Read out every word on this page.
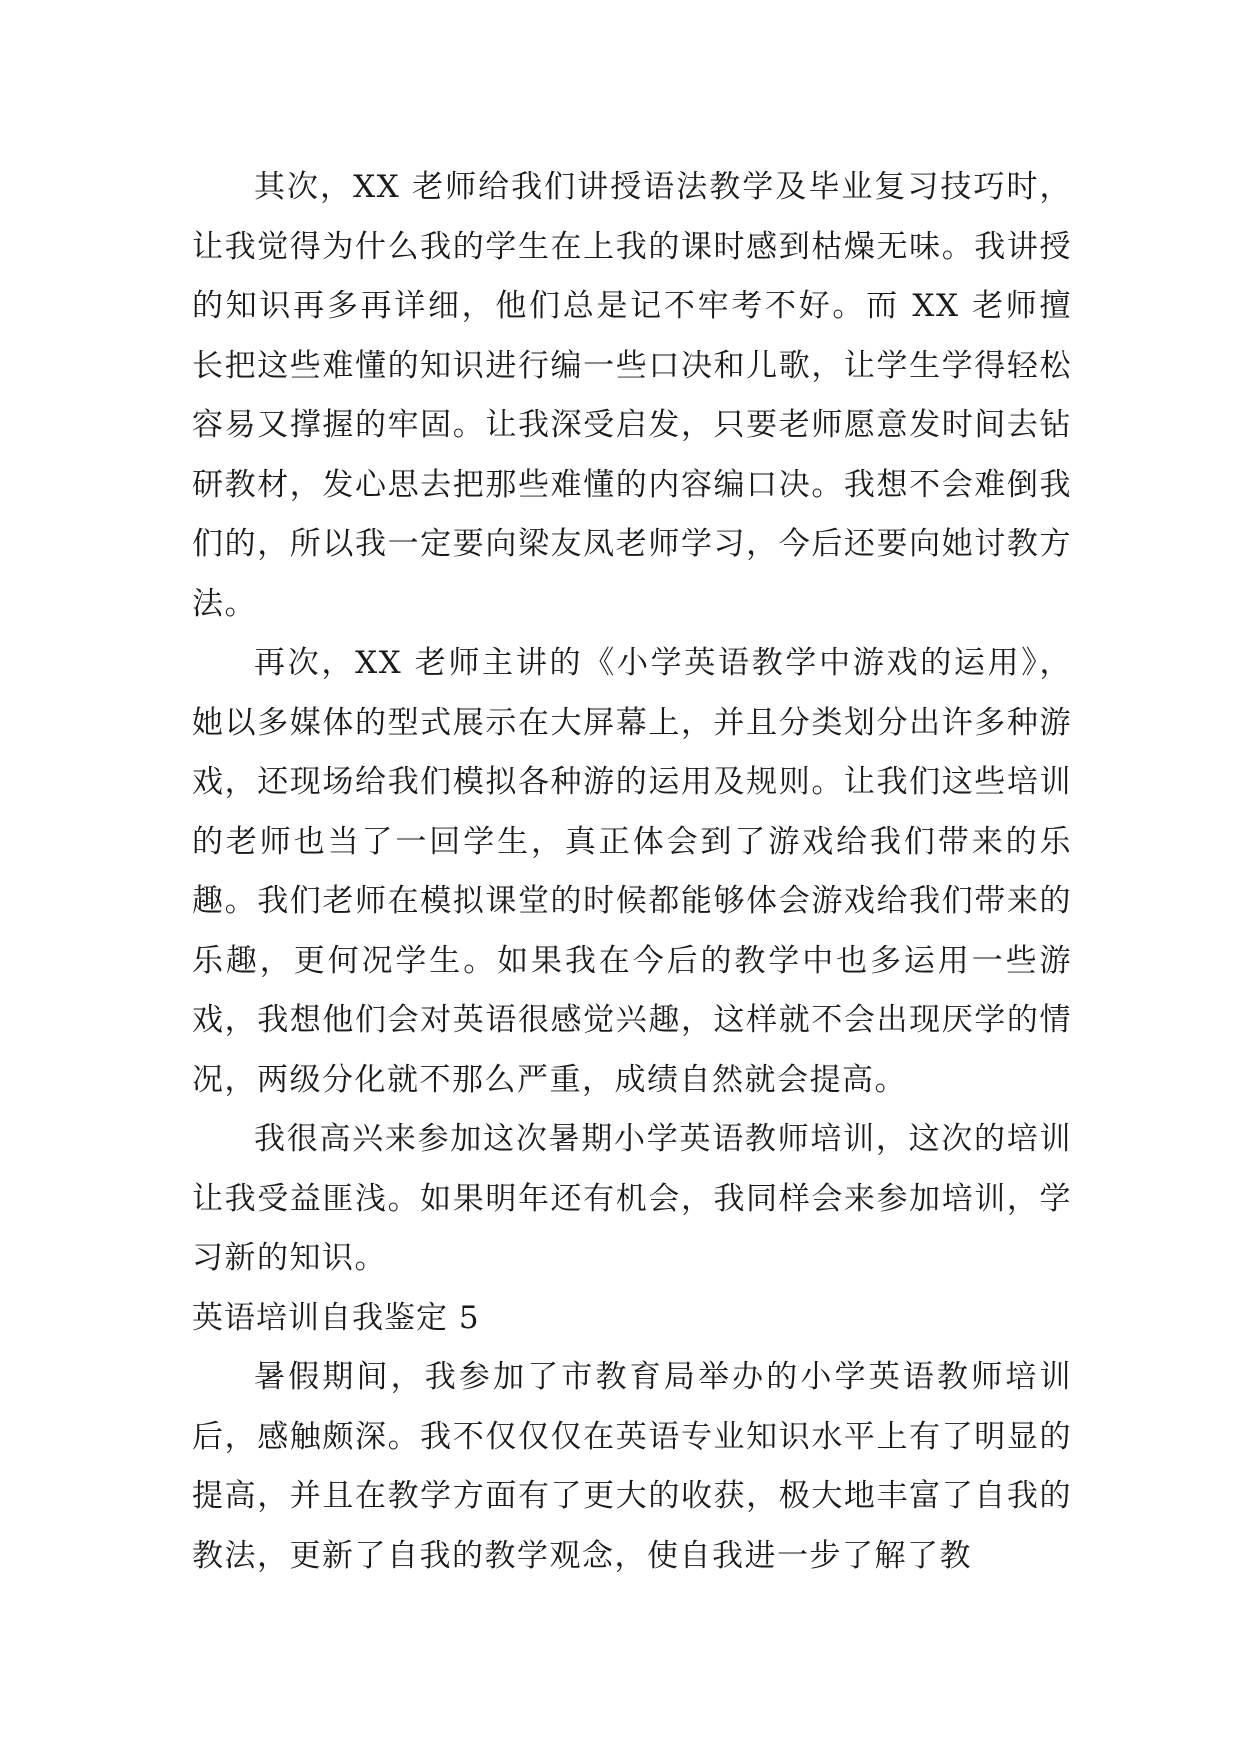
其次，XX 老师给我们讲授语法教学及毕业复习技巧时，让我觉得为什么我的学生在上我的课时感到枯燥无味。我讲授的知识再多再详细，他们总是记不牢考不好。而 XX 老师擅长把这些难懂的知识进行编一些口决和儿歌，让学生学得轻松容易又撑握的牢固。让我深受启发，只要老师愿意发时间去钻研教材，发心思去把那些难懂的内容编口决。我想不会难倒我们的，所以我一定要向梁友凤老师学习，今后还要向她讨教方法。

再次，XX 老师主讲的《小学英语教学中游戏的运用》，她以多媒体的型式展示在大屏幕上，并且分类划分出许多种游戏，还现场给我们模拟各种游的运用及规则。让我们这些培训的老师也当了一回学生，真正体会到了游戏给我们带来的乐趣。我们老师在模拟课堂的时候都能够体会游戏给我们带来的乐趣，更何况学生。如果我在今后的教学中也多运用一些游戏，我想他们会对英语很感觉兴趣，这样就不会出现厌学的情况，两级分化就不那么严重，成绩自然就会提高。

我很高兴来参加这次暑期小学英语教师培训，这次的培训让我受益匪浅。如果明年还有机会，我同样会来参加培训，学习新的知识。

英语培训自我鉴定 5

暑假期间，我参加了市教育局举办的小学英语教师培训后，感触颇深。我不仅仅仅在英语专业知识水平上有了明显的提高，并且在教学方面有了更大的收获，极大地丰富了自我的教法，更新了自我的教学观念，使自我进一步了解了教
